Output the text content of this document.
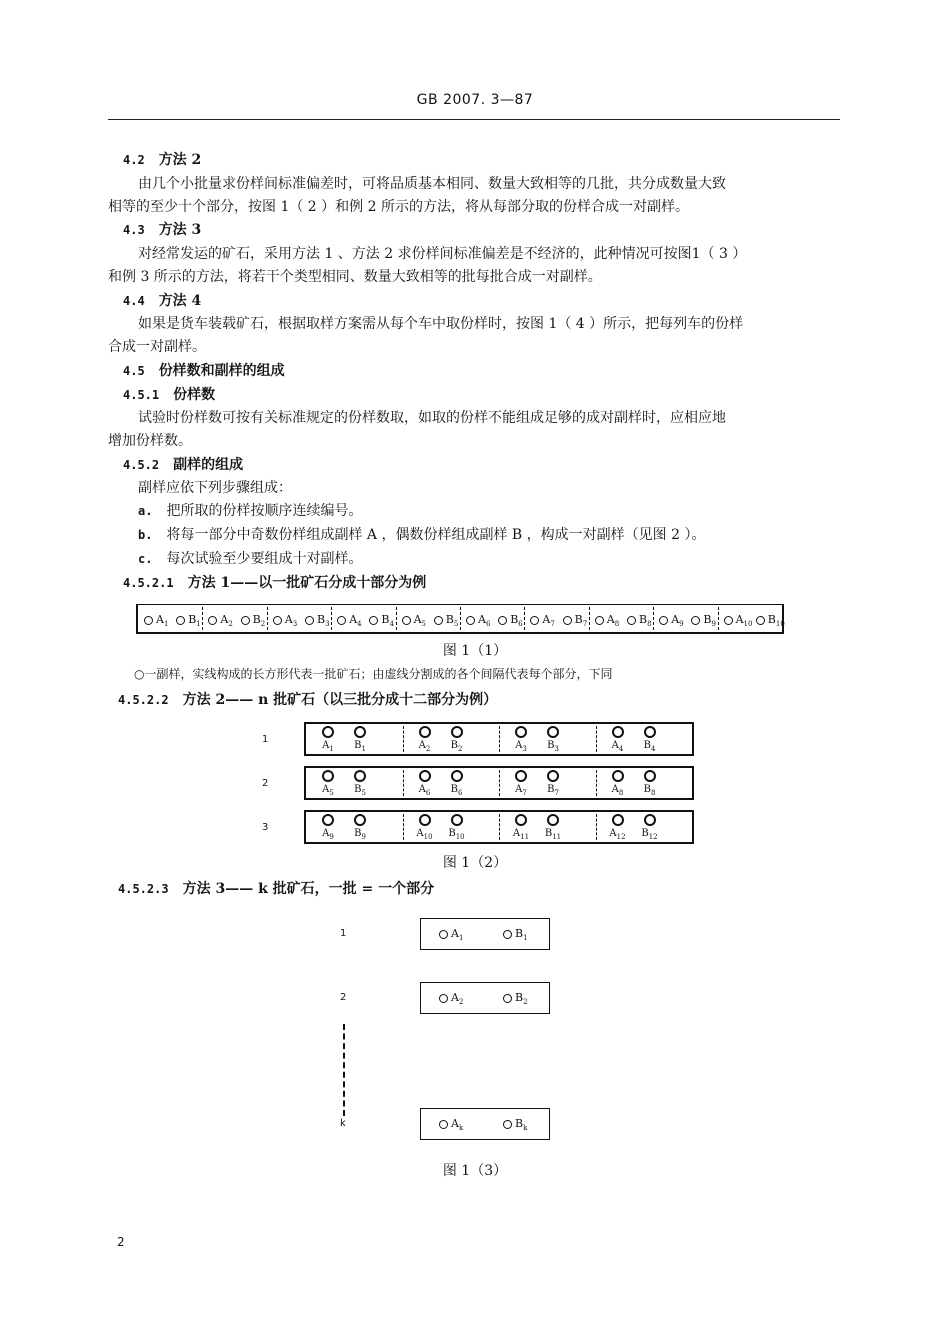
GB 2007. 3—87
4.2 方法 2
由几个小批量求份样间标准偏差时，可将品质基本相同、数量大致相等的几批，共分成数量大致
相等的至少十个部分，按图 1（ 2 ）和例 2 所示的方法，将从每部分取的份样合成一对副样。
4.3 方法 3
对经常发运的矿石，采用方法 1 、方法 2 求份样间标准偏差是不经济的，此种情况可按图1（ 3 ）
和例 3 所示的方法，将若干个类型相同、数量大致相等的批每批合成一对副样。
4.4 方法 4
如果是货车装载矿石，根据取样方案需从每个车中取份样时，按图 1（ 4 ）所示，把每列车的份样
合成一对副样。
4.5 份样数和副样的组成
4.5.1 份样数
试验时份样数可按有关标准规定的份样数取，如取的份样不能组成足够的成对副样时，应相应地
增加份样数。
4.5.2 副样的组成
副样应依下列步骤组成：
a. 把所取的份样按顺序连续编号。
b. 将每一部分中奇数份样组成副样 A ，偶数份样组成副样 B ，构成一对副样（见图 2 ）。
c. 每次试验至少要组成十对副样。
4.5.2.1 方法 1——以一批矿石分成十部分为例
$A_1$	$B_1$	$A_2$	$B_2$	$A_3$	$B_3$	$A_4$	$B_4$	$A_5$	$B_5$	$A_6$	$B_6$	$A_7$	$B_7$	$A_8$	$B_8$	$A_9$	$B_9$	$A_{10}$	$B_{10}$
图 1（1）
○一副样，实线构成的长方形代表一批矿石；由虚线分割成的各个间隔代表每个部分，下同
4.5.2.2 方法 2—— n 批矿石（以三批分成十二部分为例）
1
$A_1$	$B_1$	$A_2$	$B_2$	$A_3$	$B_3$	$A_4$	$B_4$
2
$A_5$	$B_5$	$A_6$	$B_6$	$A_7$	$B_7$	$A_8$	$B_8$
3
$A_9$	$B_9$	$A_{10}$	$B_{10}$	$A_{11}$	$B_{11}$	$A_{12}$	$B_{12}$
图 1（2）
4.5.2.3 方法 3—— k 批矿石，一批 = 一个部分
1	$A_1$	$B_1$
2	$A_2$	$B_2$
k	$A_k$	$B_k$
图 1（3）
2
